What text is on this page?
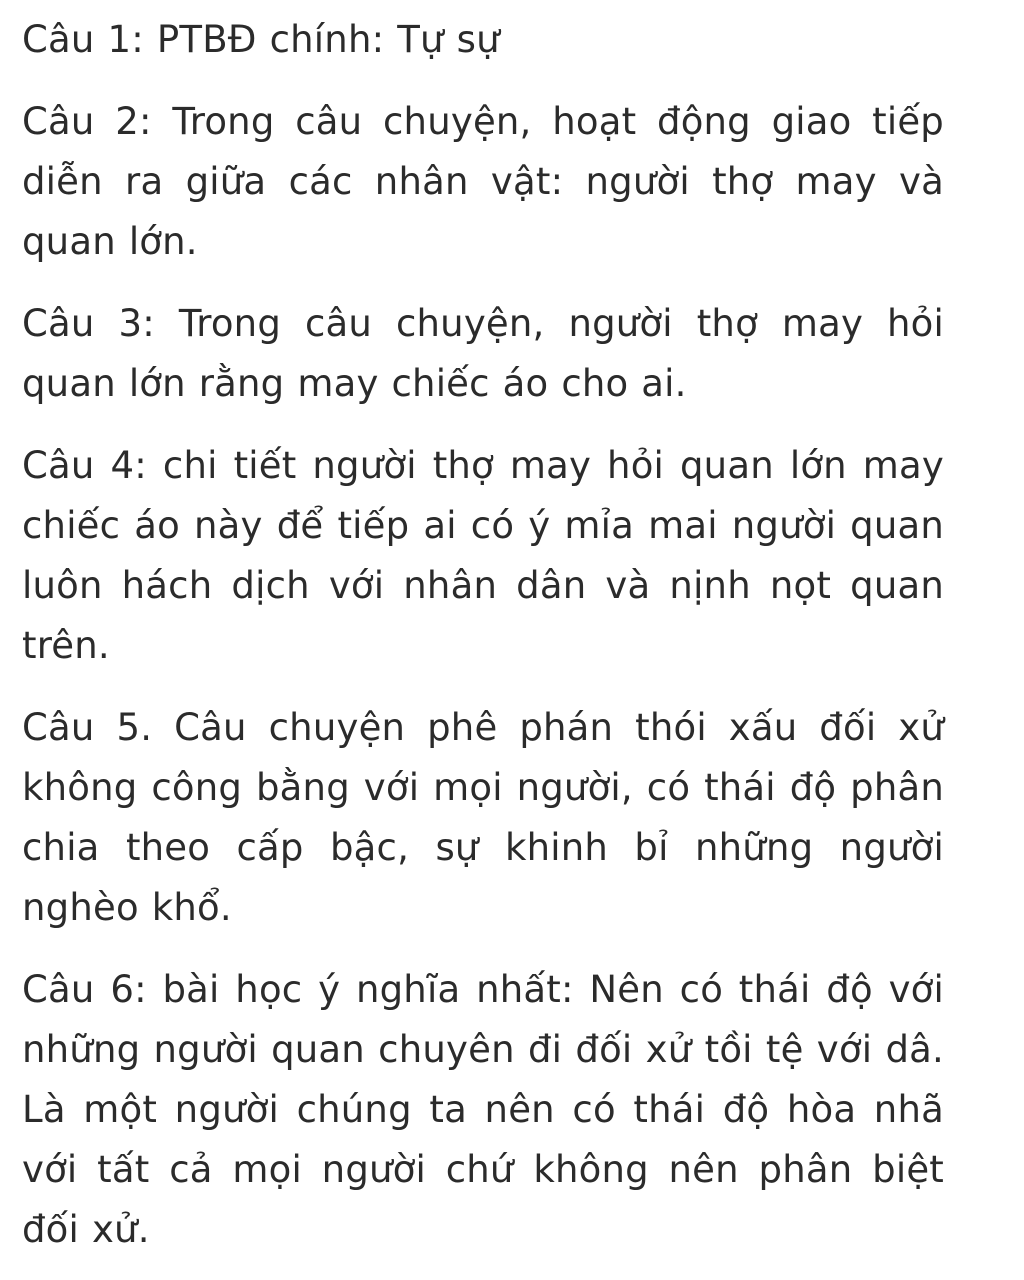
Câu 1: PTBĐ chính: Tự sự

Câu 2: Trong câu chuyện, hoạt động giao tiếp diễn ra giữa các nhân vật: người thợ may và quan lớn.

Câu 3: Trong câu chuyện, người thợ may hỏi quan lớn rằng may chiếc áo cho ai.

Câu 4: chi tiết người thợ may hỏi quan lớn may chiếc áo này để tiếp ai có ý mỉa mai người quan luôn hách dịch với nhân dân và nịnh nọt quan trên.

Câu 5. Câu chuyện phê phán thói xấu đối xử không công bằng với mọi người, có thái độ phân chia theo cấp bậc, sự khinh bỉ những người nghèo khổ.

Câu 6: bài học ý nghĩa nhất: Nên có thái độ với những người quan chuyên đi đối xử tồi tệ với dâ. Là một người chúng ta nên có thái độ hòa nhã với tất cả mọi người chứ không nên phân biệt đối xử.
